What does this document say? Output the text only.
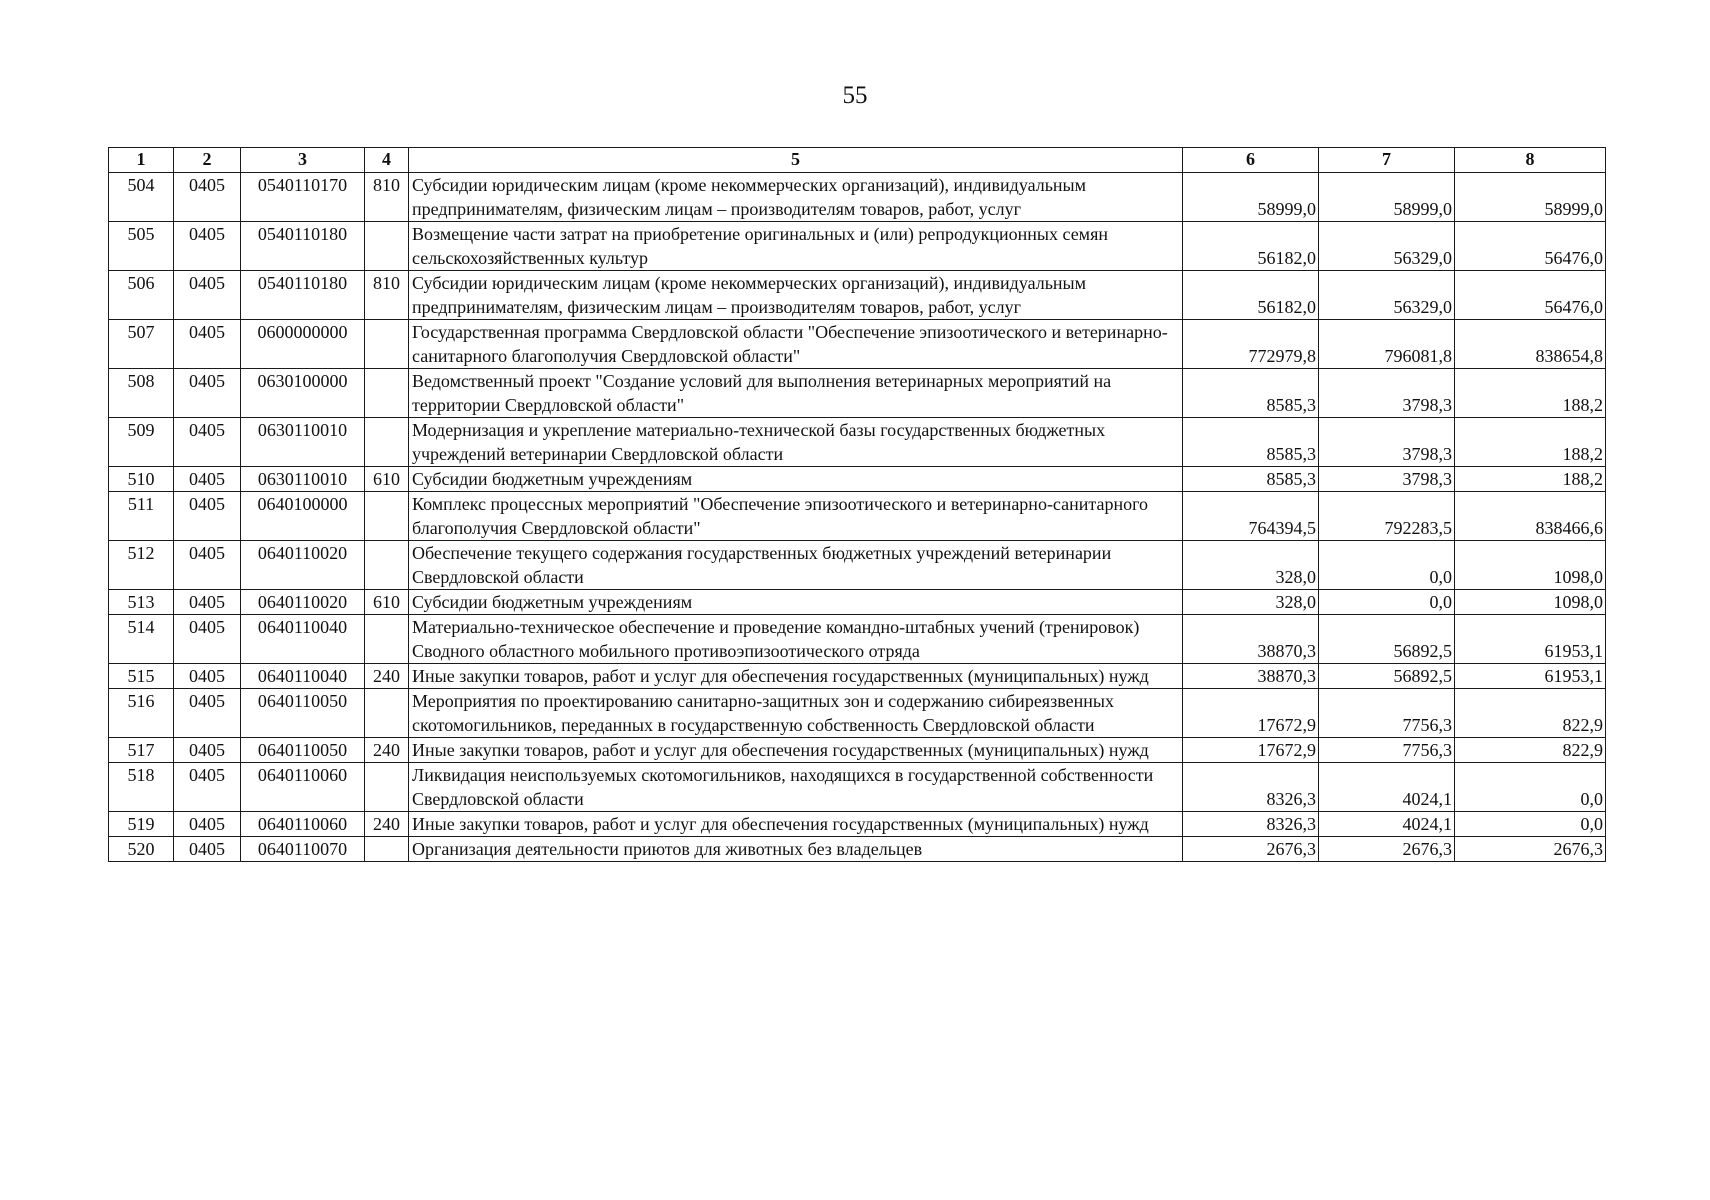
55
1	2	3	4	5	6	7	8
504	0405	0540110170	810	Субсидии юридическим лицам (кроме некоммерческих организаций), индивидуальным предпринимателям, физическим лицам – производителям товаров, работ, услуг	58999,0	58999,0	58999,0
505	0405	0540110180		Возмещение части затрат на приобретение оригинальных и (или) репродукционных семян сельскохозяйственных культур	56182,0	56329,0	56476,0
506	0405	0540110180	810	Субсидии юридическим лицам (кроме некоммерческих организаций), индивидуальным предпринимателям, физическим лицам – производителям товаров, работ, услуг	56182,0	56329,0	56476,0
507	0405	0600000000		Государственная программа Свердловской области "Обеспечение эпизоотического и ветеринарно-санитарного благополучия Свердловской области"	772979,8	796081,8	838654,8
508	0405	0630100000		Ведомственный проект "Создание условий для выполнения ветеринарных мероприятий на территории Свердловской области"	8585,3	3798,3	188,2
509	0405	0630110010		Модернизация и укрепление материально-технической базы государственных бюджетных учреждений ветеринарии Свердловской области	8585,3	3798,3	188,2
510	0405	0630110010	610	Субсидии бюджетным учреждениям	8585,3	3798,3	188,2
511	0405	0640100000		Комплекс процессных мероприятий "Обеспечение эпизоотического и ветеринарно-санитарного благополучия Свердловской области"	764394,5	792283,5	838466,6
512	0405	0640110020		Обеспечение текущего содержания государственных бюджетных учреждений ветеринарии Свердловской области	328,0	0,0	1098,0
513	0405	0640110020	610	Субсидии бюджетным учреждениям	328,0	0,0	1098,0
514	0405	0640110040		Материально-техническое обеспечение и проведение командно-штабных учений (тренировок) Сводного областного мобильного противоэпизоотического отряда	38870,3	56892,5	61953,1
515	0405	0640110040	240	Иные закупки товаров, работ и услуг для обеспечения государственных (муниципальных) нужд	38870,3	56892,5	61953,1
516	0405	0640110050		Мероприятия по проектированию санитарно-защитных зон и содержанию сибиреязвенных скотомогильников, переданных в государственную собственность Свердловской области	17672,9	7756,3	822,9
517	0405	0640110050	240	Иные закупки товаров, работ и услуг для обеспечения государственных (муниципальных) нужд	17672,9	7756,3	822,9
518	0405	0640110060		Ликвидация неиспользуемых скотомогильников, находящихся в государственной собственности Свердловской области	8326,3	4024,1	0,0
519	0405	0640110060	240	Иные закупки товаров, работ и услуг для обеспечения государственных (муниципальных) нужд	8326,3	4024,1	0,0
520	0405	0640110070		Организация деятельности приютов для животных без владельцев	2676,3	2676,3	2676,3
